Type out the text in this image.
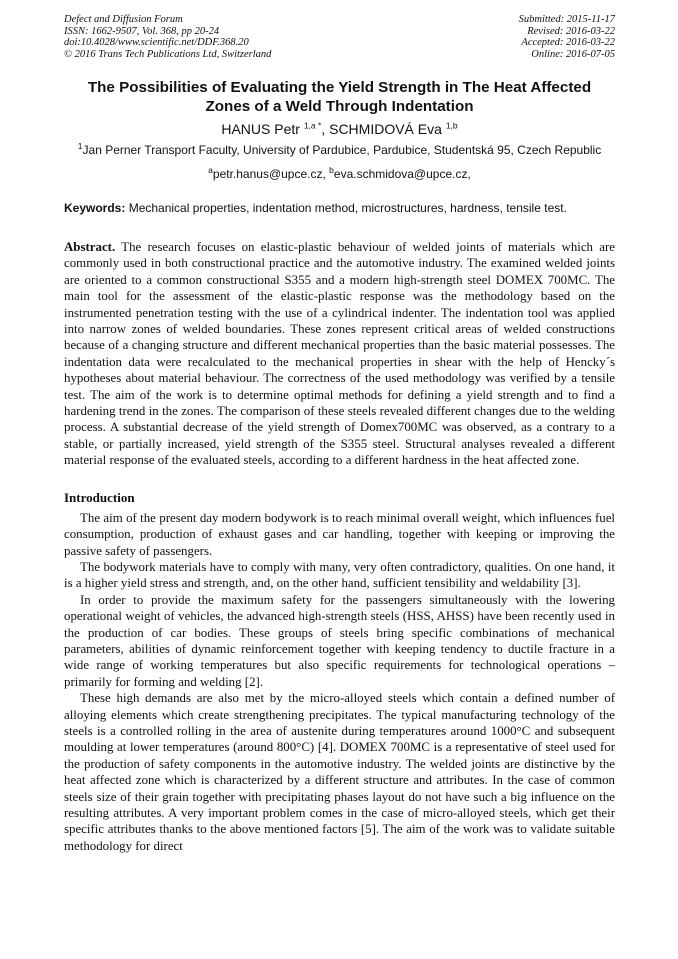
Defect and Diffusion Forum
ISSN: 1662-9507, Vol. 368, pp 20-24
doi:10.4028/www.scientific.net/DDF.368.20
© 2016 Trans Tech Publications Ltd, Switzerland
Submitted: 2015-11-17
Revised: 2016-03-22
Accepted: 2016-03-22
Online: 2016-07-05
The Possibilities of Evaluating the Yield Strength in The Heat Affected Zones of a Weld Through Indentation
HANUS Petr $^{1,a *}$, SCHMIDOVÁ Eva $^{1,b}$
$^1$Jan Perner Transport Faculty, University of Pardubice, Pardubice, Studentská 95, Czech Republic
$^a$petr.hanus@upce.cz, $^b$eva.schmidova@upce.cz,
Keywords: Mechanical properties, indentation method, microstructures, hardness, tensile test.
Abstract. The research focuses on elastic-plastic behaviour of welded joints of materials which are commonly used in both constructional practice and the automotive industry. The examined welded joints are oriented to a common constructional S355 and a modern high-strength steel DOMEX 700MC. The main tool for the assessment of the elastic-plastic response was the methodology based on the instrumented penetration testing with the use of a cylindrical indenter. The indentation tool was applied into narrow zones of welded boundaries. These zones represent critical areas of welded constructions because of a changing structure and different mechanical properties than the basic material possesses. The indentation data were recalculated to the mechanical properties in shear with the help of Hencky´s hypotheses about material behaviour. The correctness of the used methodology was verified by a tensile test. The aim of the work is to determine optimal methods for defining a yield strength and to find a hardening trend in the zones. The comparison of these steels revealed different changes due to the welding process. A substantial decrease of the yield strength of Domex700MC was observed, as a contrary to a stable, or partially increased, yield strength of the S355 steel. Structural analyses revealed a different material response of the evaluated steels, according to a different hardness in the heat affected zone.
Introduction

The aim of the present day modern bodywork is to reach minimal overall weight, which influences fuel consumption, production of exhaust gases and car handling, together with keeping or improving the passive safety of passengers.

The bodywork materials have to comply with many, very often contradictory, qualities. On one hand, it is a higher yield stress and strength, and, on the other hand, sufficient tensibility and weldability [3].

In order to provide the maximum safety for the passengers simultaneously with the lowering operational weight of vehicles, the advanced high-strength steels (HSS, AHSS) have been recently used in the production of car bodies. These groups of steels bring specific combinations of mechanical parameters, abilities of dynamic reinforcement together with keeping tendency to ductile fracture in a wide range of working temperatures but also specific requirements for technological operations – primarily for forming and welding [2].

These high demands are also met by the micro-alloyed steels which contain a defined number of alloying elements which create strengthening precipitates. The typical manufacturing technology of the steels is a controlled rolling in the area of austenite during temperatures around 1000°C and subsequent moulding at lower temperatures (around 800°C) [4]. DOMEX 700MC is a representative of steel used for the production of safety components in the automotive industry. The welded joints are distinctive by the heat affected zone which is characterized by a different structure and attributes. In the case of common steels size of their grain together with precipitating phases layout do not have such a big influence on the resulting attributes. A very important problem comes in the case of micro-alloyed steels, which get their specific attributes thanks to the above mentioned factors [5]. The aim of the work was to validate suitable methodology for direct
